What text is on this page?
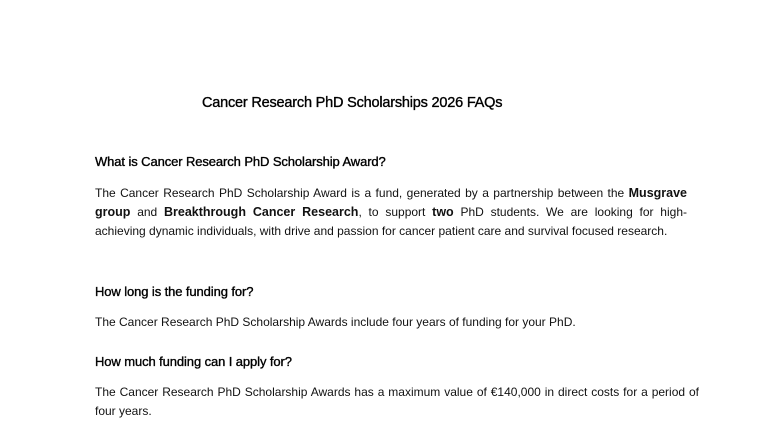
Cancer Research PhD Scholarships 2026 FAQs
What is Cancer Research PhD Scholarship Award?

The Cancer Research PhD Scholarship Award is a fund, generated by a partnership between the Musgrave group and Breakthrough Cancer Research, to support two PhD students. We are looking for high-achieving dynamic individuals, with drive and passion for cancer patient care and survival focused research.

How long is the funding for?

The Cancer Research PhD Scholarship Awards include four years of funding for your PhD.

How much funding can I apply for?

The Cancer Research PhD Scholarship Awards has a maximum value of €140,000 in direct costs for a period of four years.
